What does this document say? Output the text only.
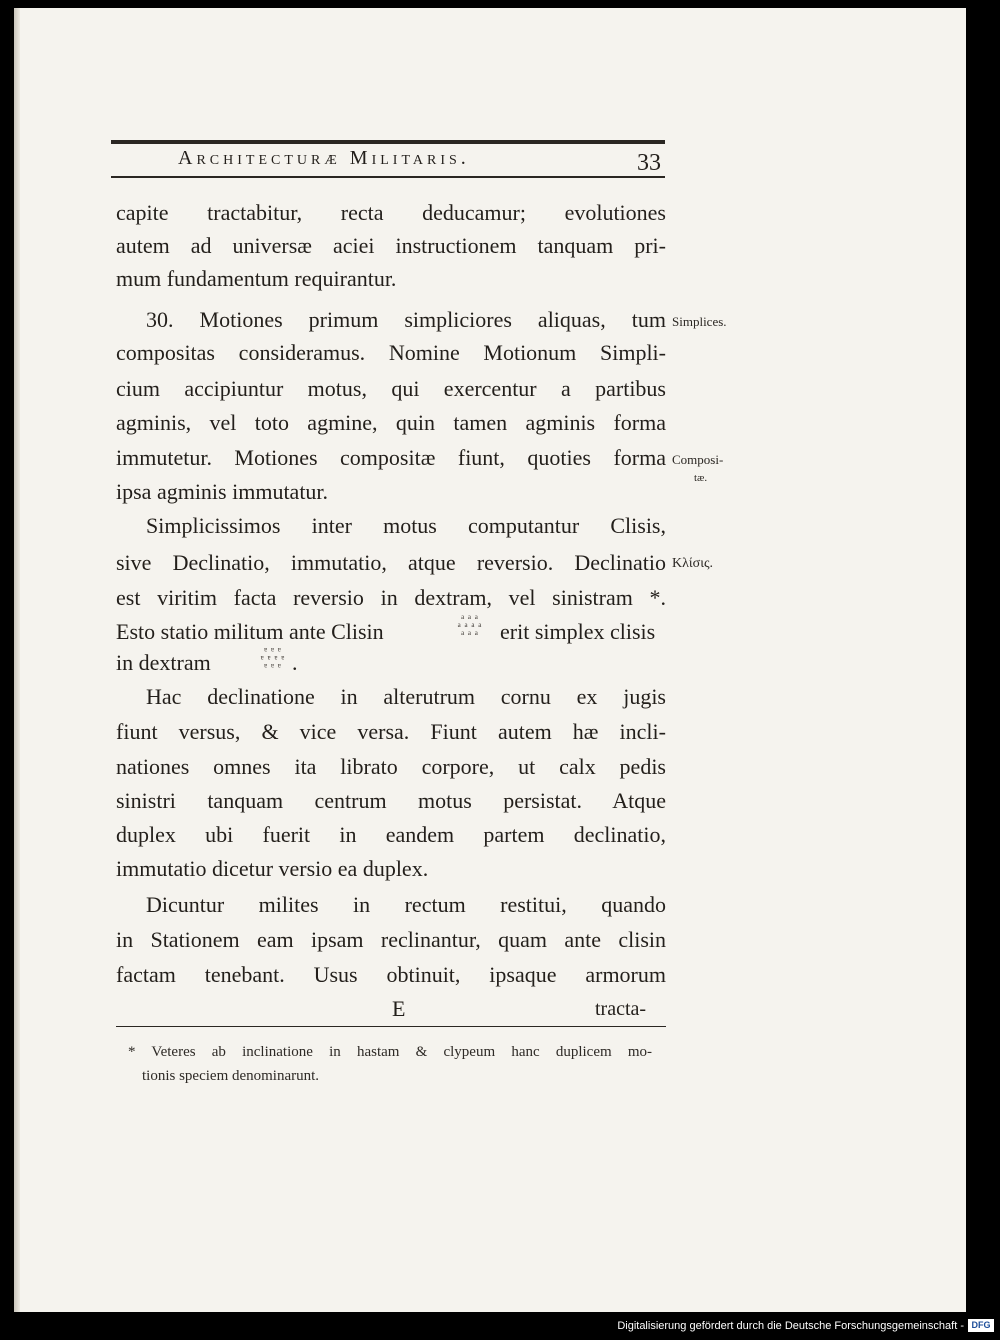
Architecturæ Militaris.	33
capite tractabitur, recta deducamur; evolutiones
autem ad universæ aciei instructionem tanquam pri-
mum fundamentum requirantur.
30. Motiones primum simpliciores aliquas, tum
compositas consideramus. Nomine Motionum Simpli-
cium accipiuntur motus, qui exercentur a partibus
agminis, vel toto agmine, quin tamen agminis forma
immutetur. Motiones compositæ fiunt, quoties forma
ipsa agminis immutatur.
Simplicissimos inter motus computantur Clisis,
sive Declinatio, immutatio, atque reversio. Declinatio
est viritim facta reversio in dextram, vel sinistram *.
Esto statio militum ante Clisin
a a a
a a a a
a a a erit simplex clisis
in dextram	a a a
a a a a
a a a .
Hac declinatione in alterutrum cornu ex jugis
fiunt versus, & vice versa. Fiunt autem hæ incli-
nationes omnes ita librato corpore, ut calx pedis
sinistri tanquam centrum motus persistat. Atque
duplex ubi fuerit in eandem partem declinatio,
immutatio dicetur versio ea duplex.
Dicuntur milites in rectum restitui, quando
in Stationem eam ipsam reclinantur, quam ante clisin
factam tenebant. Usus obtinuit, ipsaque armorum
Simplices.
Composi-
tæ.
Κλίσις.
E	tracta-
* Veteres ab inclinatione in hastam & clypeum hanc duplicem mo-
tionis speciem denominarunt.
Digitalisierung gefördert durch die Deutsche Forschungsgemeinschaft - DFG
